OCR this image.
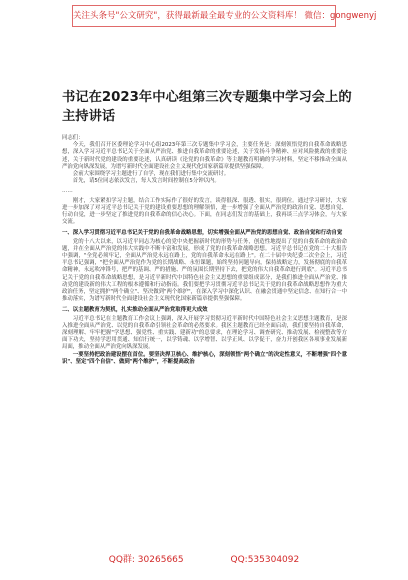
关注头条号"公文研究"，获得最新最全最专业的公文资料库！ 微信：gongwenyj
书记在2023年中心组第三次专题集中学习会上的主持讲话

同志们：

今天，我们召开区委理论学习中心组2023年第三次专题集中学习会，主要任务是：深刻领悟党的自我革命战略思想，深入学习习近平总书记关于全面从严治党、推进自我革命的重要论述，关于发扬斗争精神、应对风险挑战的重要论述，关于新时代党的建设的重要论述，认真研读《论党的自我革命》等主题教育明确的学习材料，坚定不移推动全面从严治党向纵深发展，为谱写新时代全面建设社会主义现代化国家新篇章提供坚强保障。

会前大家围绕学习主题进行了自学，现在我们进行集中交流研讨。

首先，请5位同志依次发言，每人发言时间控制在5分钟以内。

……

刚才，大家紧扣学习主题，结合工作实际作了很好的发言，谈得很深、很透、很实，很到位。通过学习研讨，大家进一步加深了对习近平总书记关于党的建设重要思想的理解领悟，进一步增强了全面从严治党的政治自觉、思想自觉、行动自觉，进一步坚定了推进党的自我革命的信心决心。下面，在同志们发言的基础上，我再谈三点学习体会，与大家交流。

一、深入学习贯彻习近平总书记关于党的自我革命战略思想，切实增强全面从严治党的思想自觉、政治自觉和行动自觉

党的十八大以来，以习近平同志为核心的党中央把握新时代的形势与任务，创造性地提出了党的自我革命的政治命题，并在全面从严治党的伟大实践中不断丰富和发展，形成了党的自我革命战略思想。习近平总书记在党的二十大报告中强调，"全党必须牢记，全面从严治党永远在路上，党的自我革命永远在路上"。在二十届中央纪委二次全会上，习近平总书记强调，"把全面从严治党作为党的长期战略、永恒课题，始终坚持问题导向，保持战略定力，发扬彻底的自我革命精神，永远吹冲锋号，把严的基调、严的措施、严的氛围长期坚持下去，把党的伟大自我革命进行到底"。习近平总书记关于党的自我革命战略思想，是习近平新时代中国特色社会主义思想的重要组成部分，是我们推进全面从严治党、推动党的建设新的伟大工程的根本遵循和行动指南。我们要把学习贯彻习近平总书记关于党的自我革命战略思想作为重大政治任务，坚定拥护"两个确立"、坚决做到"两个维护"，在深入学习中深化认识、在融会贯通中坚定信念、在知行合一中推动落实，为谱写新时代全面建设社会主义现代化国家新篇章提供坚强保障。

二、以主题教育为契机，扎实推动全面从严治党取得更大成效

习近平总书记在主题教育工作会议上强调，深入开展学习贯彻习近平新时代中国特色社会主义思想主题教育，是深入推进全面从严治党、以党的自我革命引领社会革命的必然要求。我区主题教育已经全面启动，我们要坚持自我革命，深刻理解、牢牢把握"学思想、强党性、重实践、建新功"的总要求，在理论学习、调查研究、推动发展、检视整改等方面下功夫，坚持学思用贯通、知信行统一，以学铸魂、以学增智、以学正风、以学促干，奋力开创我区各项事业发展新局面，推动全面从严治党向纵深发展。

一要坚持把政治建设摆在首位。要坚决捍卫核心、维护核心，深刻领悟"两个确立"的决定性意义，不断增强"四个意识"、坚定"四个自信"、做到"两个维护"，不断提高政治

QQ群: 30265665	QQ:535304092
